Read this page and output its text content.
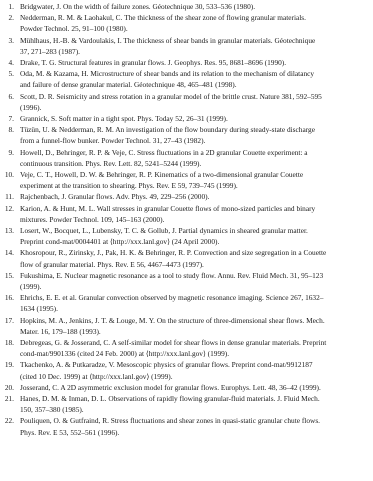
1. Bridgwater, J. On the width of failure zones. Géotechnique 30, 533–536 (1980).
2. Nedderman, R. M. & Laohakul, C. The thickness of the shear zone of flowing granular materials.
Powder Technol. 25, 91–100 (1980).
3. Mühlhaus, H.-B. & Vardoulakis, I. The thickness of shear bands in granular materials. Géotechnique
37, 271–283 (1987).
4. Drake, T. G. Structural features in granular flows. J. Geophys. Res. 95, 8681–8696 (1990).
5. Oda, M. & Kazama, H. Microstructure of shear bands and its relation to the mechanism of dilatancy
and failure of dense granular material. Géotechnique 48, 465–481 (1998).
6. Scott, D. R. Seismicity and stress rotation in a granular model of the brittle crust. Nature 381, 592–595
(1996).
7. Grannick, S. Soft matter in a tight spot. Phys. Today 52, 26–31 (1999).
8. Tüzün, U. & Nedderman, R. M. An investigation of the flow boundary during steady-state discharge
from a funnel-flow bunker. Powder Technol. 31, 27–43 (1982).
9. Howell, D., Behringer, R. P. & Veje, C. Stress fluctuations in a 2D granular Couette experiment: a
continuous transition. Phys. Rev. Lett. 82, 5241–5244 (1999).
10. Veje, C. T., Howell, D. W. & Behringer, R. P. Kinematics of a two-dimensional granular Couette
experiment at the transition to shearing. Phys. Rev. E 59, 739–745 (1999).
11. Rajchenbach, J. Granular flows. Adv. Phys. 49, 229–256 (2000).
12. Karion, A. & Hunt, M. L. Wall stresses in granular Couette flows of mono-sized particles and binary
mixtures. Powder Technol. 109, 145–163 (2000).
13. Losert, W., Bocquet, L., Lubensky, T. C. & Gollub, J. Partial dynamics in sheared granular matter.
Preprint cond-mat/0004401 at ⟨http://xxx.lanl.gov⟩ (24 April 2000).
14. Khosropour, R., Zirinsky, J., Pak, H. K. & Behringer, R. P. Convection and size segregation in a Couette
flow of granular material. Phys. Rev. E 56, 4467–4473 (1997).
15. Fukushima, E. Nuclear magnetic resonance as a tool to study flow. Annu. Rev. Fluid Mech. 31, 95–123
(1999).
16. Ehrichs, E. E. et al. Granular convection observed by magnetic resonance imaging. Science 267, 1632–
1634 (1995).
17. Hopkins, M. A., Jenkins, J. T. & Louge, M. Y. On the structure of three-dimensional shear flows. Mech.
Mater. 16, 179–188 (1993).
18. Debregeas, G. & Josserand, C. A self-similar model for shear flows in dense granular materials. Preprint
cond-mat/9901336 (cited 24 Feb. 2000) at ⟨http://xxx.lanl.gov⟩ (1999).
19. Tkachenko, A. & Putkaradze, V. Mesoscopic physics of granular flows. Preprint cond-mat/9912187
(cited 10 Dec. 1999) at ⟨http://xxx.lanl.gov⟩ (1999).
20. Josserand, C. A 2D asymmetric exclusion model for granular flows. Europhys. Lett. 48, 36–42 (1999).
21. Hanes, D. M. & Inman, D. L. Observations of rapidly flowing granular-fluid materials. J. Fluid Mech.
150, 357–380 (1985).
22. Pouliquen, O. & Gutfraind, R. Stress fluctuations and shear zones in quasi-static granular chute flows.
Phys. Rev. E 53, 552–561 (1996).
